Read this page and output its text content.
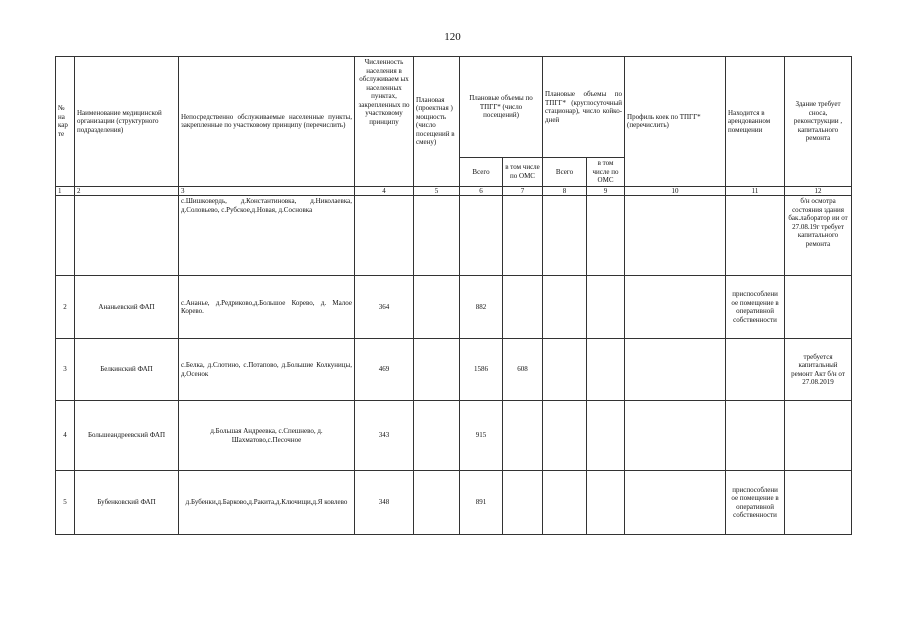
120
№ на кар те	Наименование медицинской организации (структурного подразделения)	Непосредственно обслуживаемые населенные пункты, закрепленные по участковому принципу (перечислить)	Численность населения в обслуживаем ых населенных пунктах, закрепленных по участковому принципу	Плановая (проектная ) мощность (число посещений в смену)	Плановые объемы по ТПГГ* (число посещений)		Плановые объемы по ТПГГ* (круглосуточный стационар), число койко-дней		Профиль коек по ТПГГ* (перечислить)	Находится в арендованном помещении	Здание требует сноса, реконструкции , капитального ремонта
					Всего	в том числе по ОМС	Всего	в том числе по ОМС			
1	2	3	4	5	6	7	8	9	10	11	12
		с.Шишковердь, д.Константиновка, д.Николаевка, д.Соловьево, с.Рубское,д.Новая, д.Сосновка									б/н осмотра состояния здания бак.лаборатор ии от 27.08.19г требует капитального ремонта
2	Ананьевский ФАП	с.Ананье, д.Редриково,д.Большое Корево, д. Малое Корево.	364		882					приспособлени ое помещение в оперативной собственности	
3	Белкинский ФАП	с.Белка, д.Слотино, с.Потапово, д.Большие Колкуницы, д.Осенок	469		1586	608					требуется капитальный ремонт Акт б/н от 27.08.2019
4	Большеандреевский ФАП	д.Большая Андреевка, с.Спешнево, д. Шахматово,с.Песочное	343		915						
5	Бубенковский ФАП	д.Бубенки,д.Барково,д.Ракита,д.Ключищи,д.Я ковлево	348		891					приспособлени ое помещение в оперативной собственности	
